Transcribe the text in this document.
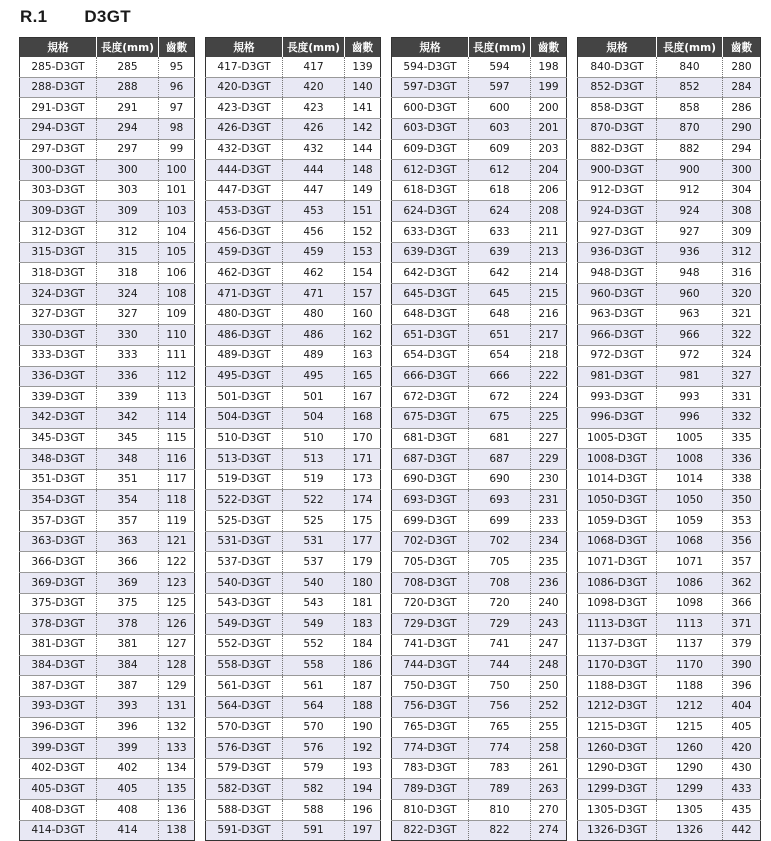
R.1 D3GT
規格	長度(mm)	齒數
285-D3GT	285	95
288-D3GT	288	96
291-D3GT	291	97
294-D3GT	294	98
297-D3GT	297	99
300-D3GT	300	100
303-D3GT	303	101
309-D3GT	309	103
312-D3GT	312	104
315-D3GT	315	105
318-D3GT	318	106
324-D3GT	324	108
327-D3GT	327	109
330-D3GT	330	110
333-D3GT	333	111
336-D3GT	336	112
339-D3GT	339	113
342-D3GT	342	114
345-D3GT	345	115
348-D3GT	348	116
351-D3GT	351	117
354-D3GT	354	118
357-D3GT	357	119
363-D3GT	363	121
366-D3GT	366	122
369-D3GT	369	123
375-D3GT	375	125
378-D3GT	378	126
381-D3GT	381	127
384-D3GT	384	128
387-D3GT	387	129
393-D3GT	393	131
396-D3GT	396	132
399-D3GT	399	133
402-D3GT	402	134
405-D3GT	405	135
408-D3GT	408	136
414-D3GT	414	138
規格	長度(mm)	齒數
417-D3GT	417	139
420-D3GT	420	140
423-D3GT	423	141
426-D3GT	426	142
432-D3GT	432	144
444-D3GT	444	148
447-D3GT	447	149
453-D3GT	453	151
456-D3GT	456	152
459-D3GT	459	153
462-D3GT	462	154
471-D3GT	471	157
480-D3GT	480	160
486-D3GT	486	162
489-D3GT	489	163
495-D3GT	495	165
501-D3GT	501	167
504-D3GT	504	168
510-D3GT	510	170
513-D3GT	513	171
519-D3GT	519	173
522-D3GT	522	174
525-D3GT	525	175
531-D3GT	531	177
537-D3GT	537	179
540-D3GT	540	180
543-D3GT	543	181
549-D3GT	549	183
552-D3GT	552	184
558-D3GT	558	186
561-D3GT	561	187
564-D3GT	564	188
570-D3GT	570	190
576-D3GT	576	192
579-D3GT	579	193
582-D3GT	582	194
588-D3GT	588	196
591-D3GT	591	197
規格	長度(mm)	齒數
594-D3GT	594	198
597-D3GT	597	199
600-D3GT	600	200
603-D3GT	603	201
609-D3GT	609	203
612-D3GT	612	204
618-D3GT	618	206
624-D3GT	624	208
633-D3GT	633	211
639-D3GT	639	213
642-D3GT	642	214
645-D3GT	645	215
648-D3GT	648	216
651-D3GT	651	217
654-D3GT	654	218
666-D3GT	666	222
672-D3GT	672	224
675-D3GT	675	225
681-D3GT	681	227
687-D3GT	687	229
690-D3GT	690	230
693-D3GT	693	231
699-D3GT	699	233
702-D3GT	702	234
705-D3GT	705	235
708-D3GT	708	236
720-D3GT	720	240
729-D3GT	729	243
741-D3GT	741	247
744-D3GT	744	248
750-D3GT	750	250
756-D3GT	756	252
765-D3GT	765	255
774-D3GT	774	258
783-D3GT	783	261
789-D3GT	789	263
810-D3GT	810	270
822-D3GT	822	274
規格	長度(mm)	齒數
840-D3GT	840	280
852-D3GT	852	284
858-D3GT	858	286
870-D3GT	870	290
882-D3GT	882	294
900-D3GT	900	300
912-D3GT	912	304
924-D3GT	924	308
927-D3GT	927	309
936-D3GT	936	312
948-D3GT	948	316
960-D3GT	960	320
963-D3GT	963	321
966-D3GT	966	322
972-D3GT	972	324
981-D3GT	981	327
993-D3GT	993	331
996-D3GT	996	332
1005-D3GT	1005	335
1008-D3GT	1008	336
1014-D3GT	1014	338
1050-D3GT	1050	350
1059-D3GT	1059	353
1068-D3GT	1068	356
1071-D3GT	1071	357
1086-D3GT	1086	362
1098-D3GT	1098	366
1113-D3GT	1113	371
1137-D3GT	1137	379
1170-D3GT	1170	390
1188-D3GT	1188	396
1212-D3GT	1212	404
1215-D3GT	1215	405
1260-D3GT	1260	420
1290-D3GT	1290	430
1299-D3GT	1299	433
1305-D3GT	1305	435
1326-D3GT	1326	442
